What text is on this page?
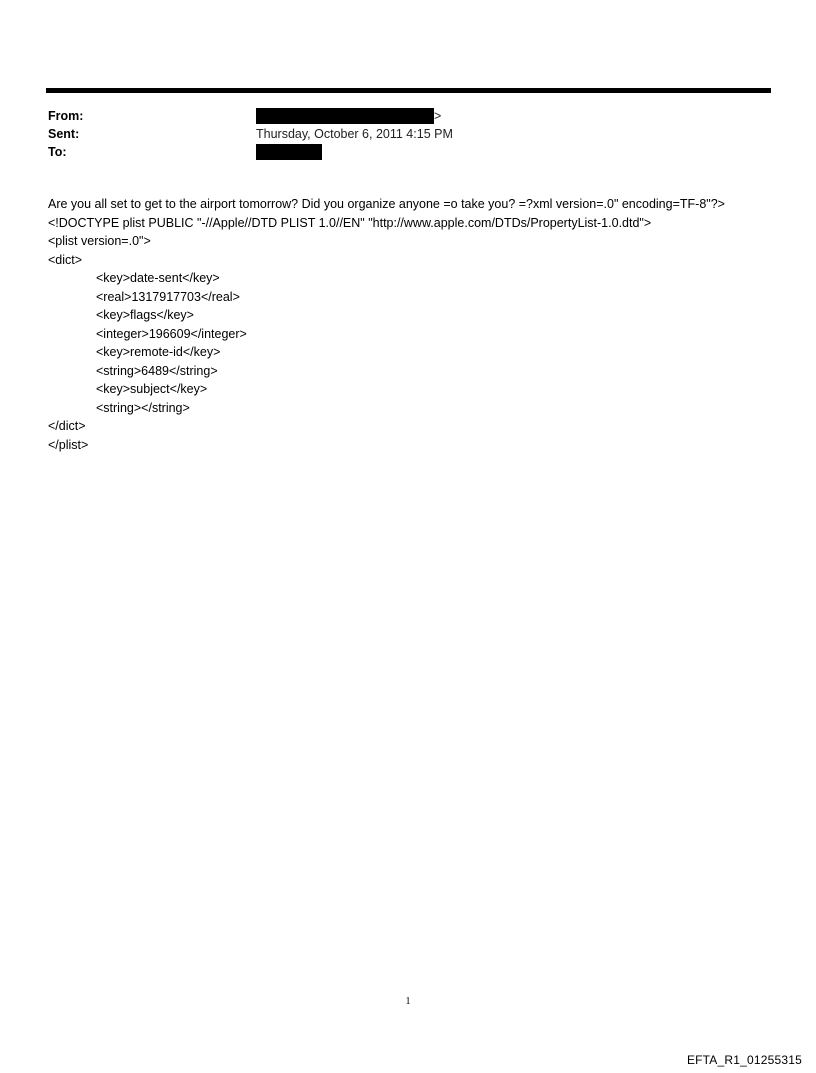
From:	>
Sent:	Thursday, October 6, 2011 4:15 PM
To:

Are you all set to get to the airport tomorrow? Did you organize anyone =o take you? =?xml version=.0" encoding=TF-8"?> <!DOCTYPE plist PUBLIC "-//Apple//DTD PLIST 1.0//EN" "http://www.apple.com/DTDs/PropertyList-1.0.dtd">

<plist version=.0">
<dict>
<key>date-sent</key>
<real>1317917703</real>
<key>flags</key>
<integer>196609</integer>
<key>remote-id</key>
<string>6489</string>
<key>subject</key>
<string></string>
</dict>
</plist>
1
EFTA_R1_01255315
